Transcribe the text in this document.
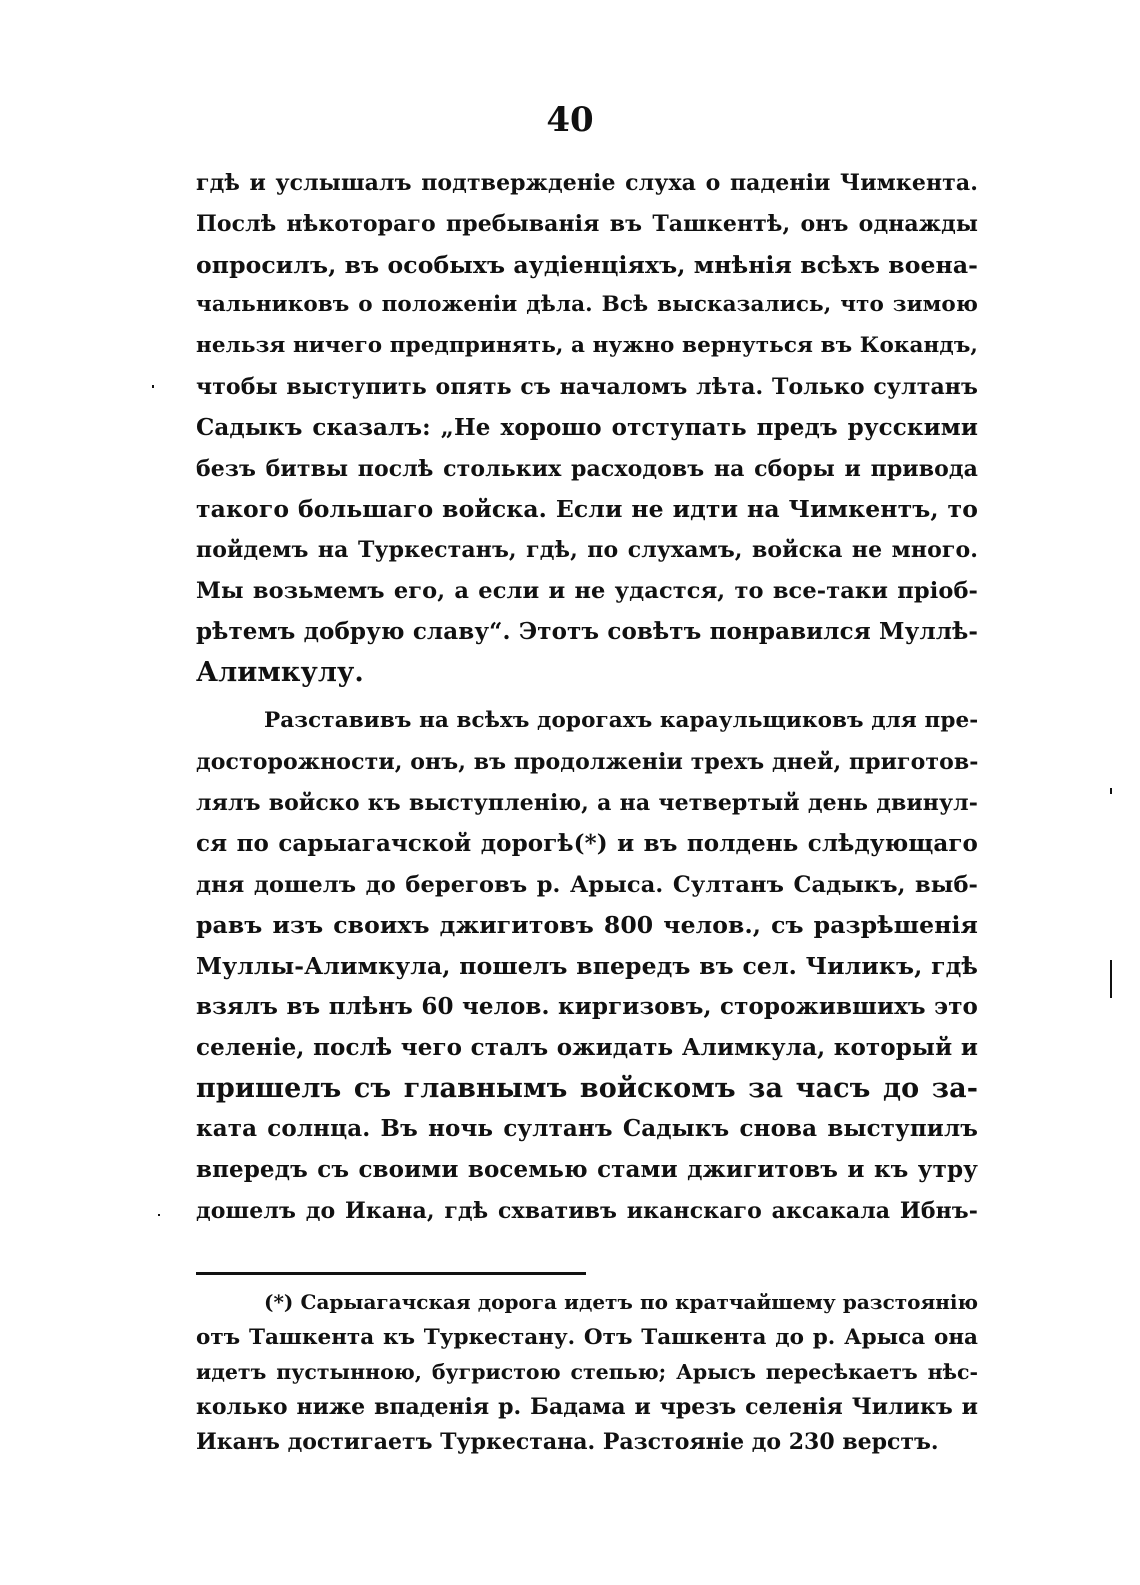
40
гдѣ и услышалъ подтвержденіе слуха о паденіи Чимкента.
Послѣ нѣкотораго пребыванія въ Ташкентѣ, онъ однажды
опросилъ, въ особыхъ аудіенціяхъ, мнѣнія всѣхъ военa-
чальниковъ о положеніи дѣла. Всѣ высказались, что зимою
нельзя ничего предпринять, а нужно вернуться въ Кокандъ,
чтобы выступить опять съ началомъ лѣта. Только султанъ
Садыкъ сказалъ: „Не хорошо отступать предъ русскими
безъ битвы послѣ стольких расходовъ на сборы и привода
такого большаго войска. Если не идти на Чимкентъ, то
пойдемъ на Туркестанъ, гдѣ, по слухамъ, войска не много.
Мы возьмемъ его, а если и не удастся, то все-таки пріоб-
рѣтемъ добрую славу“. Этотъ совѣтъ понравился Муллѣ-
Алимкулу.
Разставивъ на всѣхъ дорогахъ караульщиковъ для пре-
досторожности, онъ, въ продолженіи трехъ дней, приготов-
лялъ войско къ выступленію, а на четвертый день двинул-
ся по сарыагачской дорогѣ(*) и въ полдень слѣдующаго
дня дошелъ до береговъ р. Арыса. Султанъ Садыкъ, выб-
равъ изъ своихъ джигитовъ 800 челов., съ разрѣшенія
Муллы-Алимкула, пошелъ впередъ въ сел. Чиликъ, гдѣ
взялъ въ плѣнъ 60 челов. киргизовъ, сторожившихъ это
селеніе, послѣ чего сталъ ожидать Алимкула, который и
пришелъ съ главнымъ войскомъ за часъ до за-
ката солнца. Въ ночь султанъ Садыкъ снова выступилъ
впередъ съ своими восемью стами джигитовъ и къ утру
дошелъ до Икана, гдѣ схвативъ иканскаго аксакала Ибнъ-
(*) Сарыагачская дорога идетъ по кратчайшему разстоянію
отъ Ташкента къ Туркестану. Отъ Ташкента до р. Арыса она
идетъ пустынною, бугристою степью; Арысъ пересѣкаетъ нѣс-
колько ниже впаденія р. Бадама и чрезъ селенія Чиликъ и
Иканъ достигаетъ Туркестана. Разстояніе до 230 верстъ.
